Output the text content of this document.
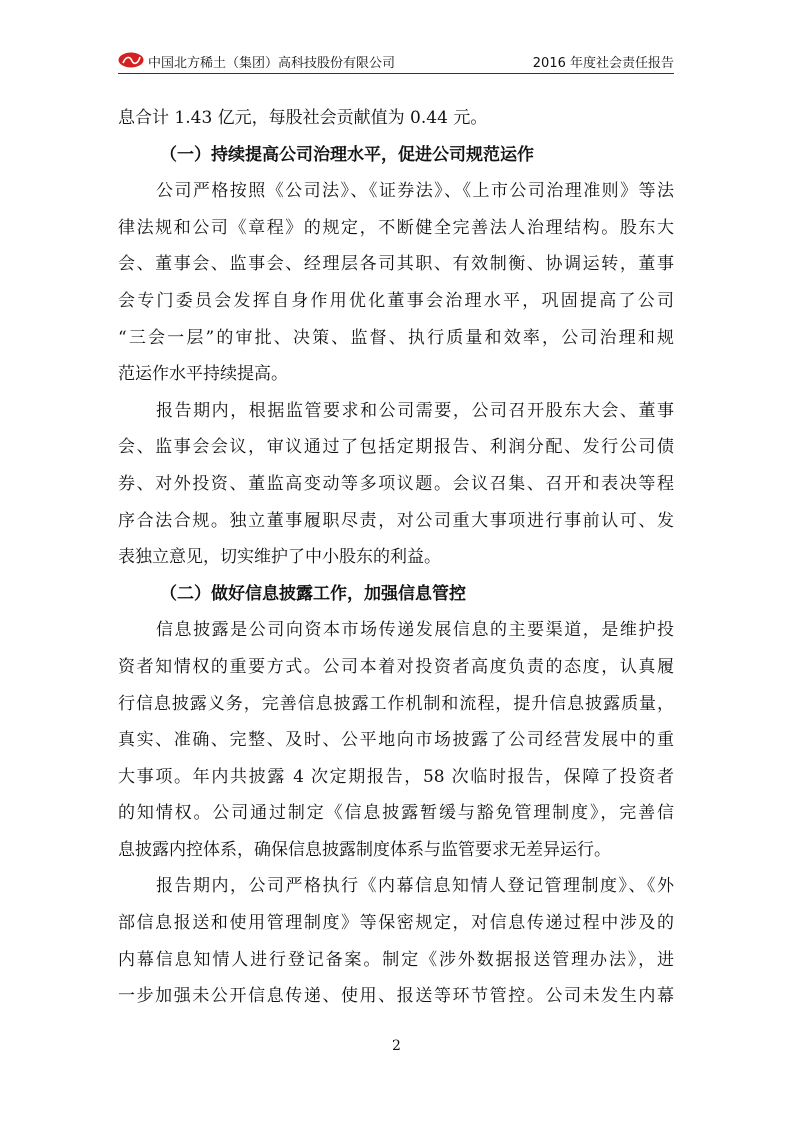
中国北方稀土（集团）高科技股份有限公司	2016 年度社会责任报告
息合计 1.43 亿元，每股社会贡献值为 0.44 元。
（一）持续提高公司治理水平，促进公司规范运作
公司严格按照《公司法》、《证券法》、《上市公司治理准则》等法
律法规和公司《章程》的规定，不断健全完善法人治理结构。股东大
会、董事会、监事会、经理层各司其职、有效制衡、协调运转，董事
会专门委员会发挥自身作用优化董事会治理水平，巩固提高了公司
“三会一层”的审批、决策、监督、执行质量和效率，公司治理和规
范运作水平持续提高。
报告期内，根据监管要求和公司需要，公司召开股东大会、董事
会、监事会会议，审议通过了包括定期报告、利润分配、发行公司债
券、对外投资、董监高变动等多项议题。会议召集、召开和表决等程
序合法合规。独立董事履职尽责，对公司重大事项进行事前认可、发
表独立意见，切实维护了中小股东的利益。
（二）做好信息披露工作，加强信息管控
信息披露是公司向资本市场传递发展信息的主要渠道，是维护投
资者知情权的重要方式。公司本着对投资者高度负责的态度，认真履
行信息披露义务，完善信息披露工作机制和流程，提升信息披露质量，
真实、准确、完整、及时、公平地向市场披露了公司经营发展中的重
大事项。年内共披露 4 次定期报告，58 次临时报告，保障了投资者
的知情权。公司通过制定《信息披露暂缓与豁免管理制度》，完善信
息披露内控体系，确保信息披露制度体系与监管要求无差异运行。
报告期内，公司严格执行《内幕信息知情人登记管理制度》、《外
部信息报送和使用管理制度》等保密规定，对信息传递过程中涉及的
内幕信息知情人进行登记备案。制定《涉外数据报送管理办法》，进
一步加强未公开信息传递、使用、报送等环节管控。公司未发生内幕
2
